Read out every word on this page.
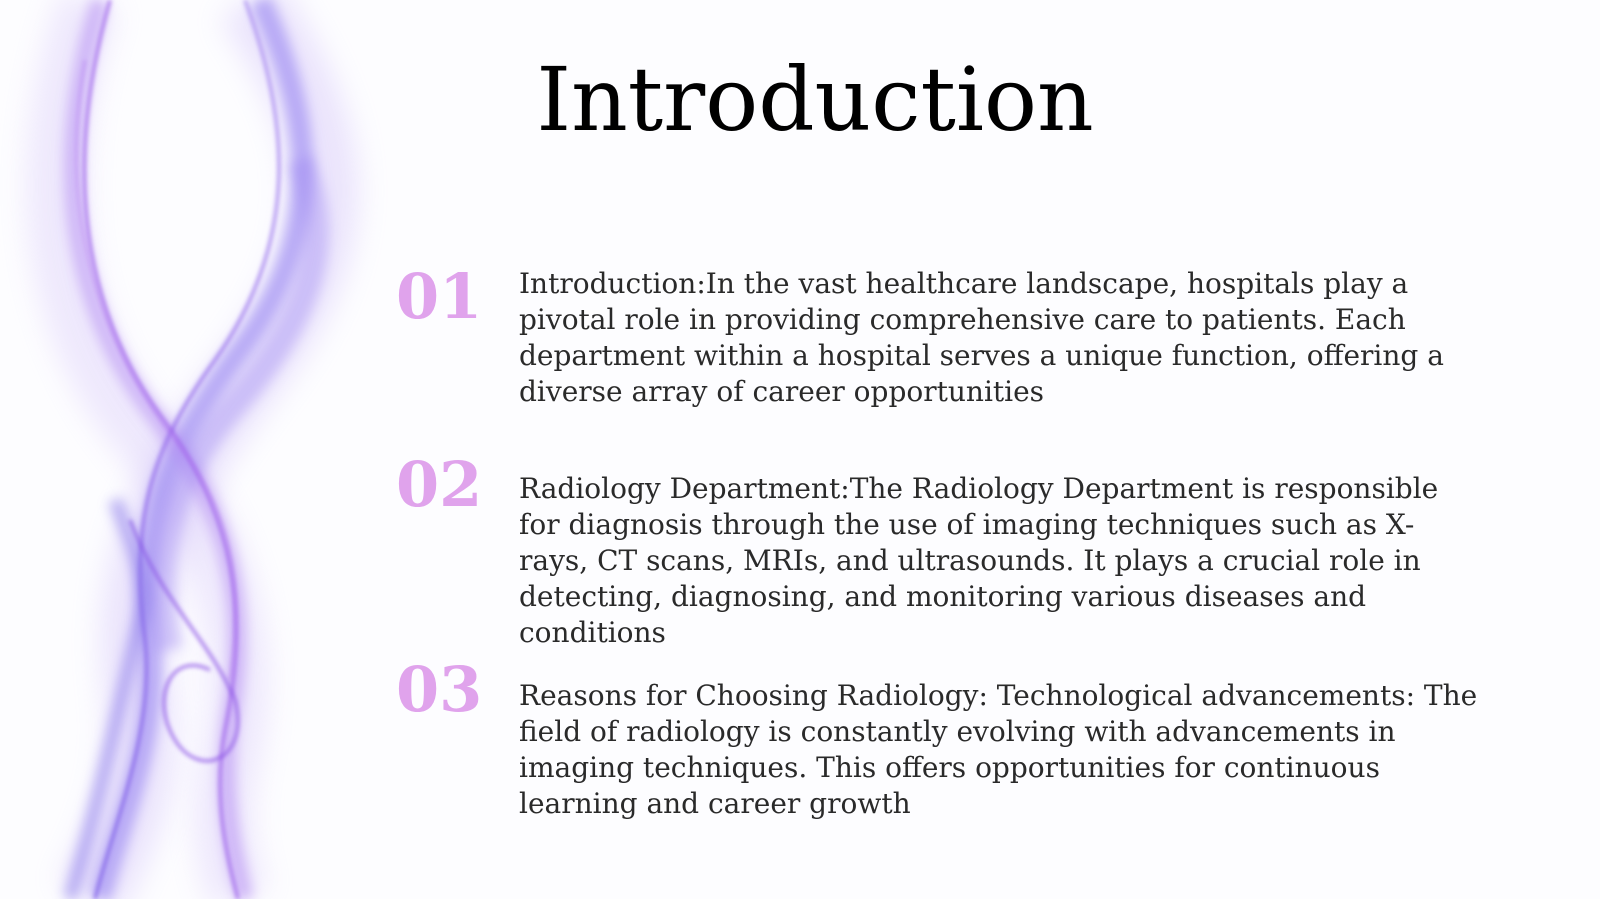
Introduction
01	Introduction:In the vast healthcare landscape, hospitals play a pivotal role in providing comprehensive care to patients. Each department within a hospital serves a unique function, offering a diverse array of career opportunities

02	Radiology Department:The Radiology Department is responsible for diagnosis through the use of imaging techniques such as X-rays, CT scans, MRIs, and ultrasounds. It plays a crucial role in detecting, diagnosing, and monitoring various diseases and conditions

03	Reasons for Choosing Radiology: Technological advancements: The field of radiology is constantly evolving with advancements in imaging techniques. This offers opportunities for continuous learning and career growth
